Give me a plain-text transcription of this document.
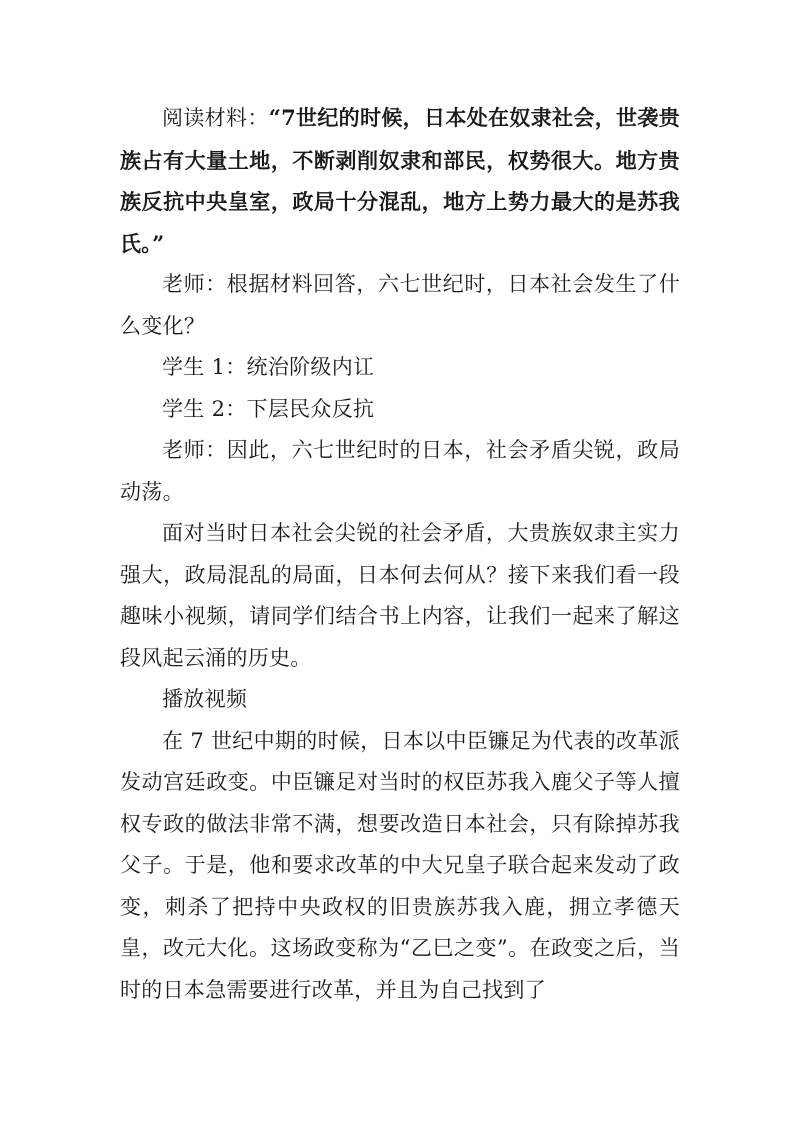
阅读材料：“7世纪的时候，日本处在奴隶社会，世袭贵族占有大量土地，不断剥削奴隶和部民，权势很大。地方贵族反抗中央皇室，政局十分混乱，地方上势力最大的是苏我氏。”

老师：根据材料回答，六七世纪时，日本社会发生了什么变化？

学生 1：统治阶级内讧

学生 2：下层民众反抗

老师：因此，六七世纪时的日本，社会矛盾尖锐，政局动荡。

面对当时日本社会尖锐的社会矛盾，大贵族奴隶主实力强大，政局混乱的局面，日本何去何从？接下来我们看一段趣味小视频，请同学们结合书上内容，让我们一起来了解这段风起云涌的历史。

播放视频

在 7 世纪中期的时候，日本以中臣镰足为代表的改革派发动宫廷政变。中臣镰足对当时的权臣苏我入鹿父子等人擅权专政的做法非常不满，想要改造日本社会，只有除掉苏我父子。于是，他和要求改革的中大兄皇子联合起来发动了政变，刺杀了把持中央政权的旧贵族苏我入鹿，拥立孝德天皇，改元大化。这场政变称为“乙巳之变”。在政变之后，当时的日本急需要进行改革，并且为自己找到了
